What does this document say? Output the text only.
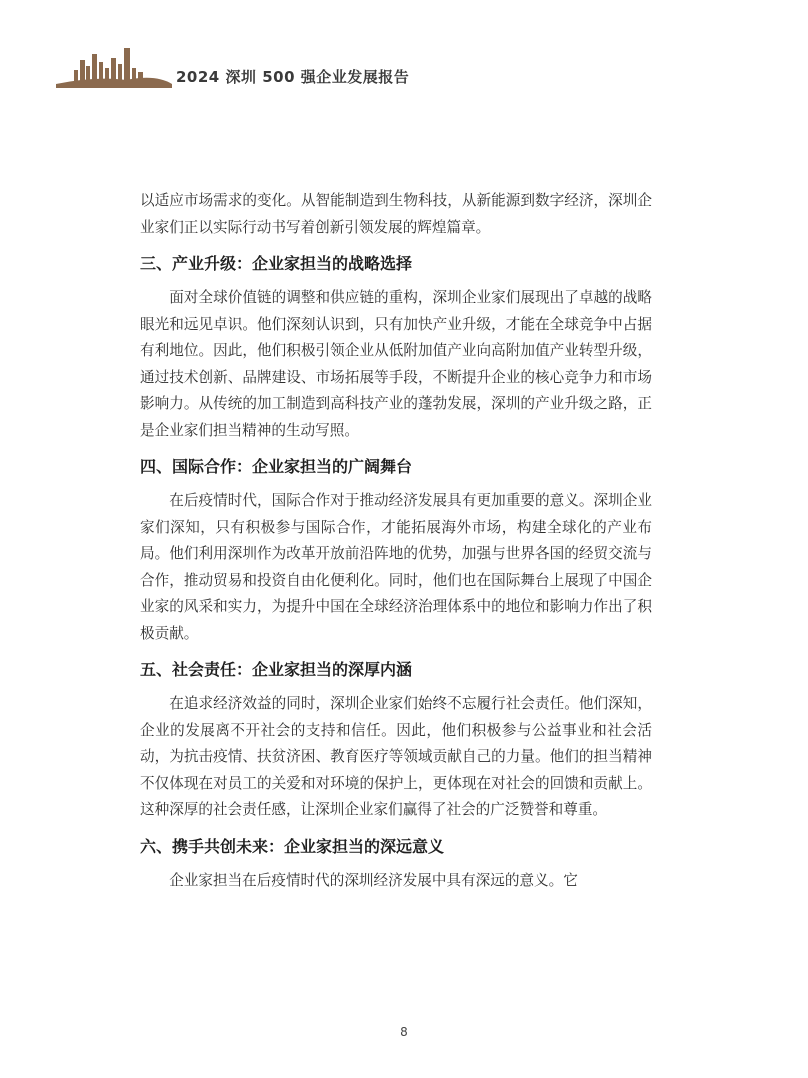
2024 深圳 500 强企业发展报告

以适应市场需求的变化。从智能制造到生物科技，从新能源到数字经济，深圳企业家们正以实际行动书写着创新引领发展的辉煌篇章。

三、产业升级：企业家担当的战略选择

面对全球价值链的调整和供应链的重构，深圳企业家们展现出了卓越的战略眼光和远见卓识。他们深刻认识到，只有加快产业升级，才能在全球竞争中占据有利地位。因此，他们积极引领企业从低附加值产业向高附加值产业转型升级，通过技术创新、品牌建设、市场拓展等手段，不断提升企业的核心竞争力和市场影响力。从传统的加工制造到高科技产业的蓬勃发展，深圳的产业升级之路，正是企业家们担当精神的生动写照。

四、国际合作：企业家担当的广阔舞台

在后疫情时代，国际合作对于推动经济发展具有更加重要的意义。深圳企业家们深知，只有积极参与国际合作，才能拓展海外市场，构建全球化的产业布局。他们利用深圳作为改革开放前沿阵地的优势，加强与世界各国的经贸交流与合作，推动贸易和投资自由化便利化。同时，他们也在国际舞台上展现了中国企业家的风采和实力，为提升中国在全球经济治理体系中的地位和影响力作出了积极贡献。

五、社会责任：企业家担当的深厚内涵

在追求经济效益的同时，深圳企业家们始终不忘履行社会责任。他们深知，企业的发展离不开社会的支持和信任。因此，他们积极参与公益事业和社会活动，为抗击疫情、扶贫济困、教育医疗等领域贡献自己的力量。他们的担当精神不仅体现在对员工的关爱和对环境的保护上，更体现在对社会的回馈和贡献上。这种深厚的社会责任感，让深圳企业家们赢得了社会的广泛赞誉和尊重。

六、携手共创未来：企业家担当的深远意义

企业家担当在后疫情时代的深圳经济发展中具有深远的意义。它

8
